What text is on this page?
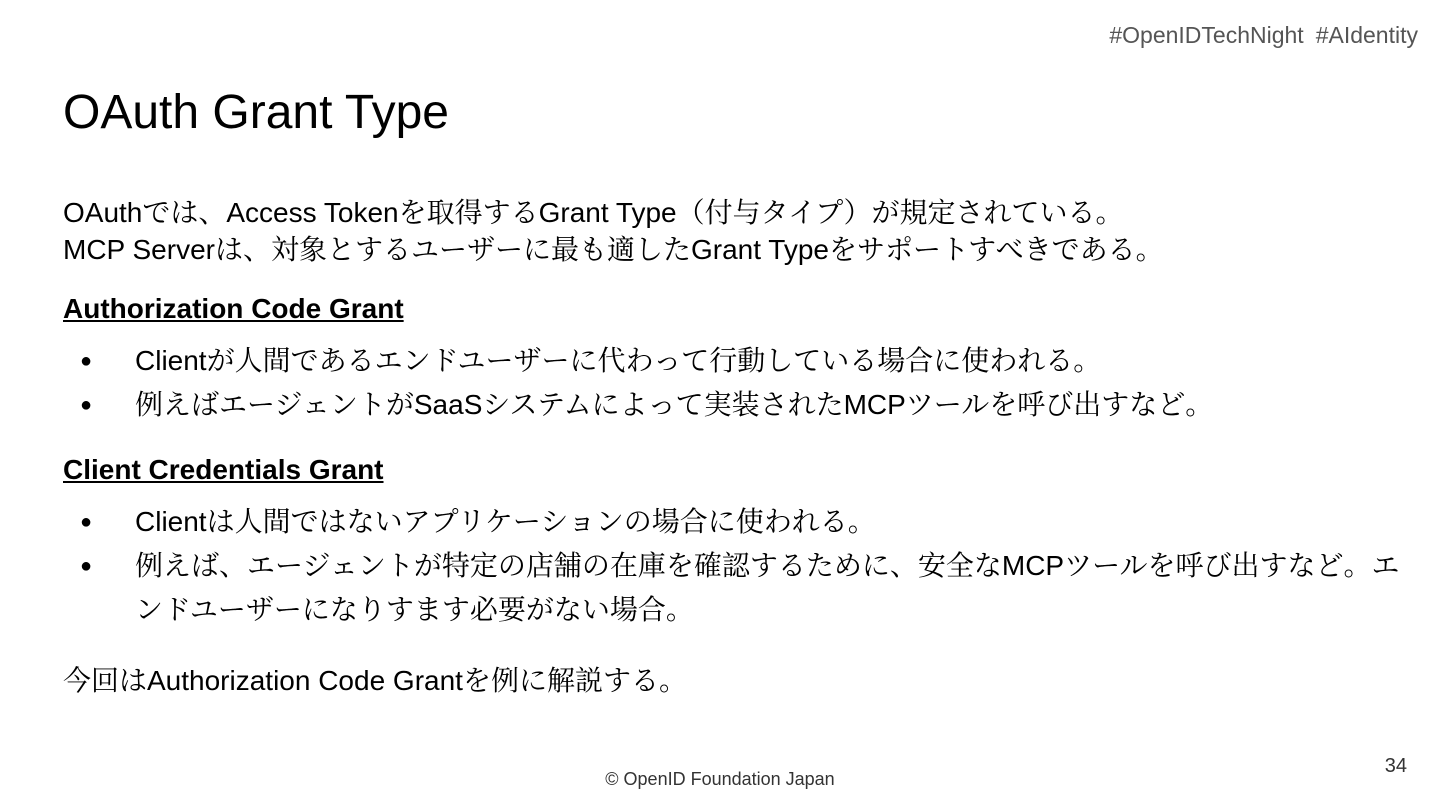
#OpenIDTechNight #AIdentity
OAuth Grant Type

OAuthでは、Access Tokenを取得するGrant Type（付与タイプ）が規定されている。

MCP Serverは、対象とするユーザーに最も適したGrant Typeをサポートすべきである。

Authorization Code Grant
● Clientが人間であるエンドユーザーに代わって行動している場合に使われる。
● 例えばエージェントがSaaSシステムによって実装されたMCPツールを呼び出すなど。
Client Credentials Grant
● Clientは人間ではないアプリケーションの場合に使われる。
● 例えば、エージェントが特定の店舗の在庫を確認するために、安全なMCPツールを呼び出すなど。エンドユーザーになりすます必要がない場合。

今回はAuthorization Code Grantを例に解説する。

34
© OpenID Foundation Japan
